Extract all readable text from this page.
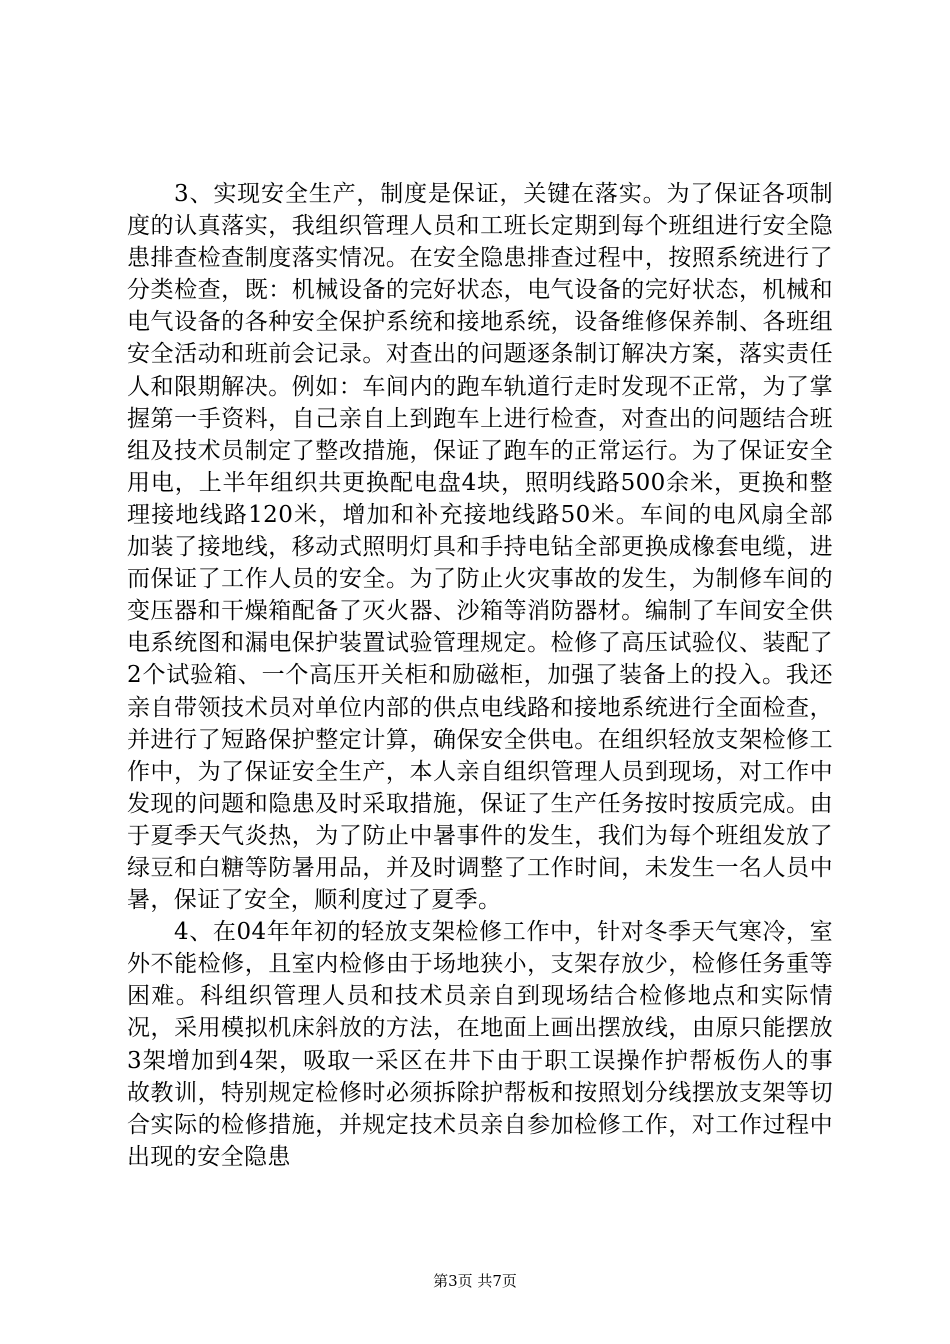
3、实现安全生产，制度是保证，关键在落实。为了保证各项制度的认真落实，我组织管理人员和工班长定期到每个班组进行安全隐患排查检查制度落实情况。在安全隐患排查过程中，按照系统进行了分类检查，既：机械设备的完好状态，电气设备的完好状态，机械和电气设备的各种安全保护系统和接地系统，设备维修保养制、各班组安全活动和班前会记录。对查出的问题逐条制订解决方案，落实责任人和限期解决。例如：车间内的跑车轨道行走时发现不正常，为了掌握第一手资料，自己亲自上到跑车上进行检查，对查出的问题结合班组及技术员制定了整改措施，保证了跑车的正常运行。为了保证安全用电，上半年组织共更换配电盘4块，照明线路500余米，更换和整理接地线路120米，增加和补充接地线路50米。车间的电风扇全部加装了接地线，移动式照明灯具和手持电钻全部更换成橡套电缆，进而保证了工作人员的安全。为了防止火灾事故的发生，为制修车间的变压器和干燥箱配备了灭火器、沙箱等消防器材。编制了车间安全供电系统图和漏电保护装置试验管理规定。检修了高压试验仪、装配了2个试验箱、一个高压开关柜和励磁柜，加强了装备上的投入。我还亲自带领技术员对单位内部的供点电线路和接地系统进行全面检查，并进行了短路保护整定计算，确保安全供电。在组织轻放支架检修工作中，为了保证安全生产，本人亲自组织管理人员到现场，对工作中发现的问题和隐患及时采取措施，保证了生产任务按时按质完成。由于夏季天气炎热，为了防止中暑事件的发生，我们为每个班组发放了绿豆和白糖等防暑用品，并及时调整了工作时间，未发生一名人员中暑，保证了安全，顺利度过了夏季。

4、在04年年初的轻放支架检修工作中，针对冬季天气寒冷，室外不能检修，且室内检修由于场地狭小，支架存放少，检修任务重等困难。科组织管理人员和技术员亲自到现场结合检修地点和实际情况，采用模拟机床斜放的方法，在地面上画出摆放线，由原只能摆放3架增加到4架，吸取一采区在井下由于职工误操作护帮板伤人的事故教训，特别规定检修时必须拆除护帮板和按照划分线摆放支架等切合实际的检修措施，并规定技术员亲自参加检修工作，对工作过程中出现的安全隐患

第3页 共7页
